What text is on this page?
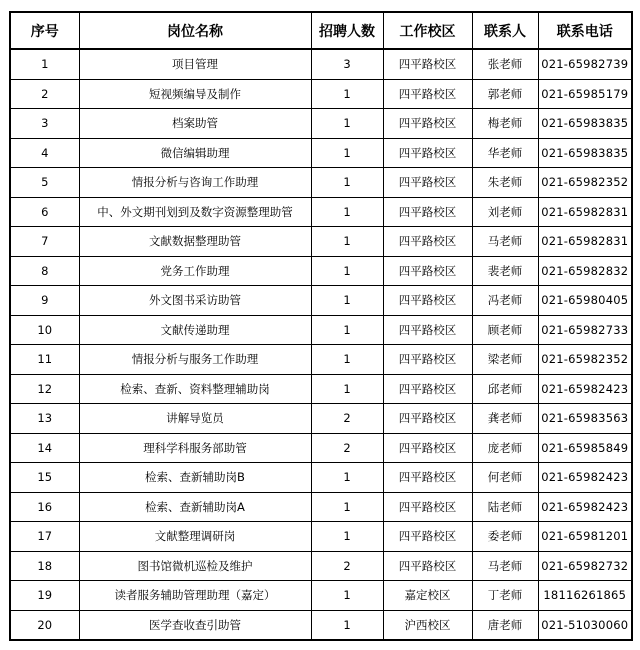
序号	岗位名称	招聘人数	工作校区	联系人	联系电话
1	项目管理	3	四平路校区	张老师	021-65982739
2	短视频编导及制作	1	四平路校区	郭老师	021-65985179
3	档案助管	1	四平路校区	梅老师	021-65983835
4	微信编辑助理	1	四平路校区	华老师	021-65983835
5	情报分析与咨询工作助理	1	四平路校区	朱老师	021-65982352
6	中、外文期刊划到及数字资源整理助管	1	四平路校区	刘老师	021-65982831
7	文献数据整理助管	1	四平路校区	马老师	021-65982831
8	党务工作助理	1	四平路校区	裴老师	021-65982832
9	外文图书采访助管	1	四平路校区	冯老师	021-65980405
10	文献传递助理	1	四平路校区	顾老师	021-65982733
11	情报分析与服务工作助理	1	四平路校区	梁老师	021-65982352
12	检索、查新、资料整理辅助岗	1	四平路校区	邱老师	021-65982423
13	讲解导览员	2	四平路校区	龚老师	021-65983563
14	理科学科服务部助管	2	四平路校区	庞老师	021-65985849
15	检索、查新辅助岗B	1	四平路校区	何老师	021-65982423
16	检索、查新辅助岗A	1	四平路校区	陆老师	021-65982423
17	文献整理调研岗	1	四平路校区	委老师	021-65981201
18	图书馆微机巡检及维护	2	四平路校区	马老师	021-65982732
19	读者服务辅助管理助理（嘉定）	1	嘉定校区	丁老师	18116261865
20	医学查收查引助管	1	沪西校区	唐老师	021-51030060
